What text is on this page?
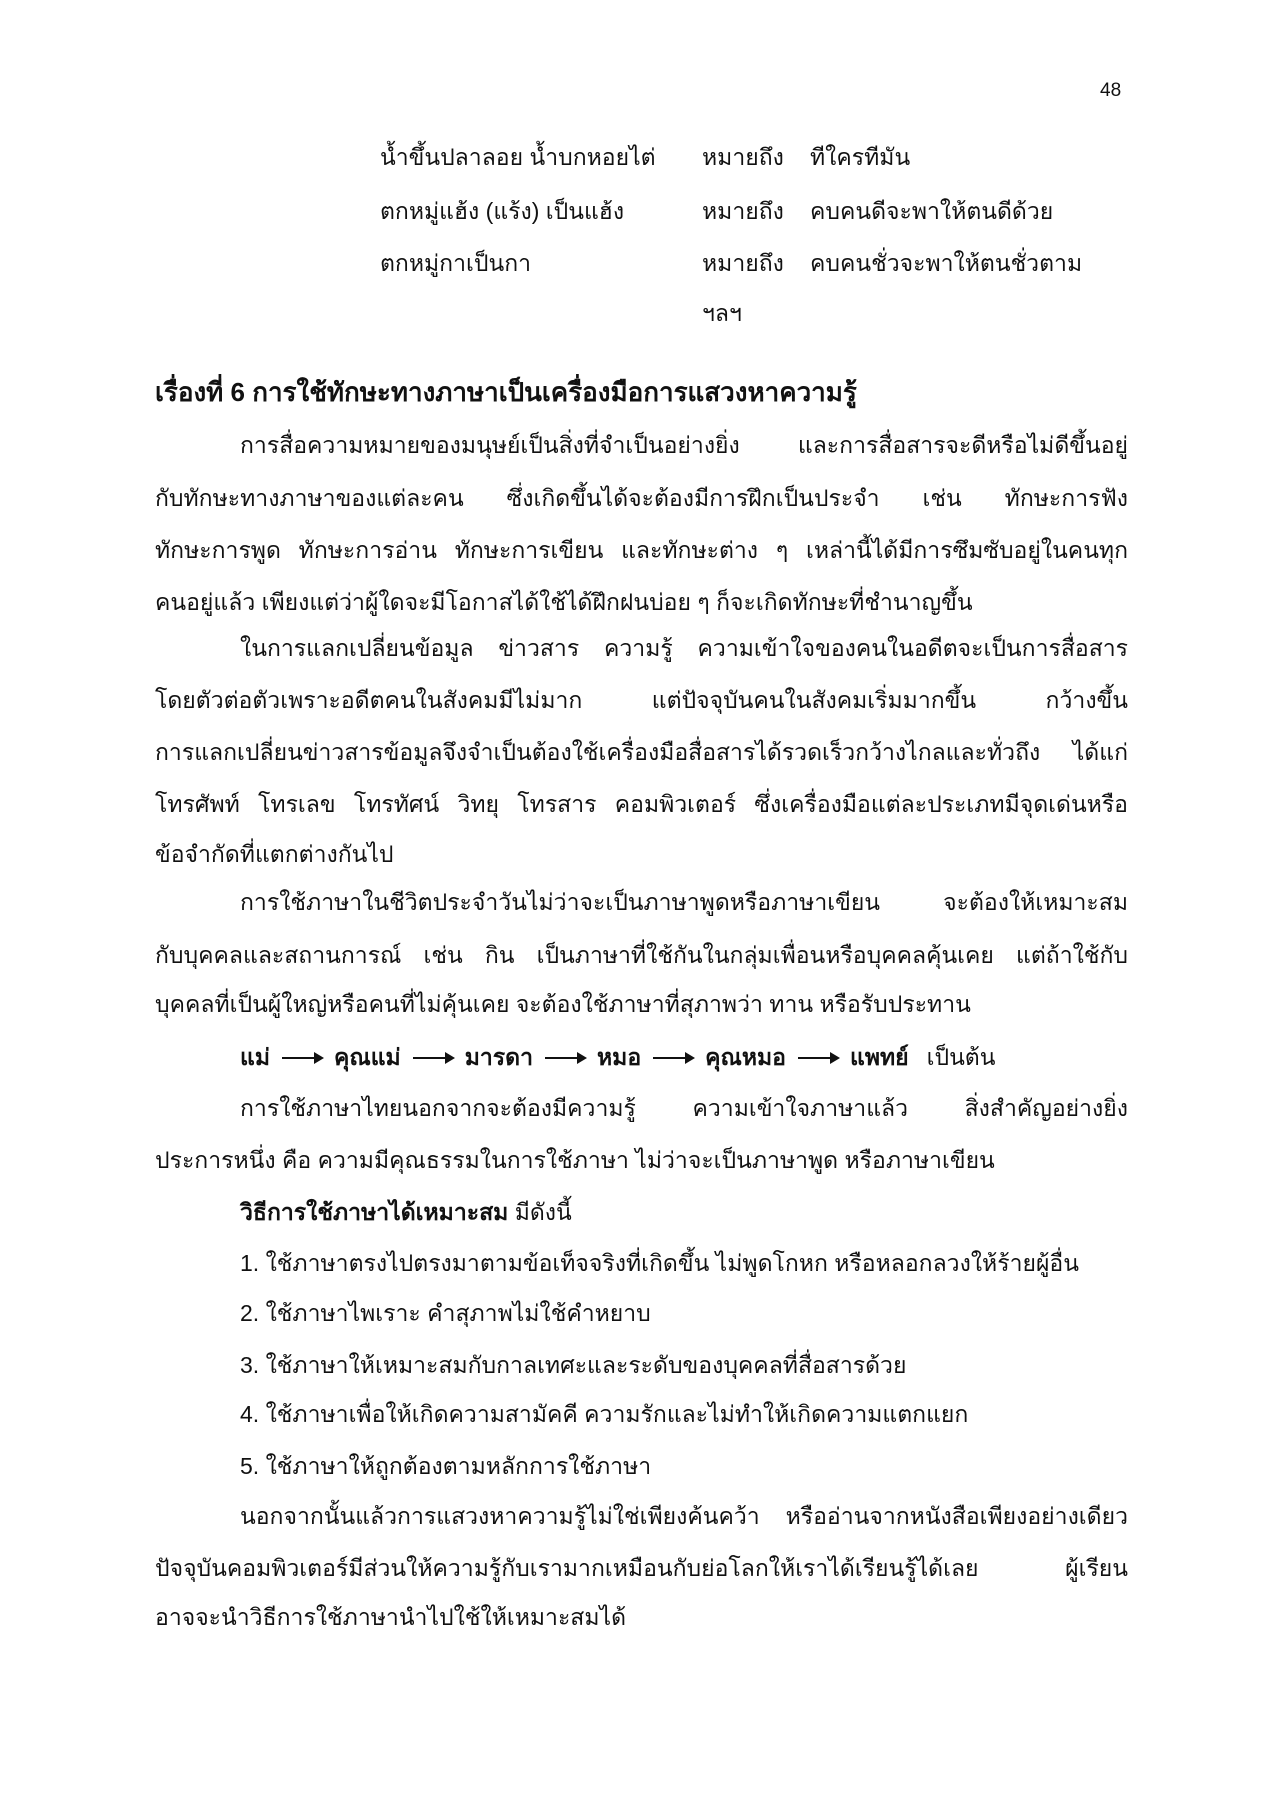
48
น้ำขึ้นปลาลอย น้ำบกหอยไต่ หมายถึง ทีใครทีมัน
ตกหมู่แฮ้ง (แร้ง) เป็นแฮ้ง	หมายถึง คบคนดีจะพาให้ตนดีด้วย
ตกหมู่กาเป็นกา	หมายถึง คบคนชั่วจะพาให้ตนชั่วตาม
ฯลฯ
เรื่องที่ 6 การใช้ทักษะทางภาษาเป็นเครื่องมือการแสวงหาความรู้
การสื่อความหมายของมนุษย์เป็นสิ่งที่จำเป็นอย่างยิ่ง และการสื่อสารจะดีหรือไม่ดีขึ้นอยู่
กับทักษะทางภาษาของแต่ละคน ซึ่งเกิดขึ้นได้จะต้องมีการฝึกเป็นประจำ เช่น ทักษะการฟัง
ทักษะการพูด ทักษะการอ่าน ทักษะการเขียน และทักษะต่าง ๆ เหล่านี้ได้มีการซึมซับอยู่ในคนทุก
คนอยู่แล้ว เพียงแต่ว่าผู้ใดจะมีโอกาสได้ใช้ได้ฝึกฝนบ่อย ๆ ก็จะเกิดทักษะที่ชำนาญขึ้น
ในการแลกเปลี่ยนข้อมูล ข่าวสาร ความรู้ ความเข้าใจของคนในอดีตจะเป็นการสื่อสาร
โดยตัวต่อตัวเพราะอดีตคนในสังคมมีไม่มาก แต่ปัจจุบันคนในสังคมเริ่มมากขึ้น กว้างขึ้น
การแลกเปลี่ยนข่าวสารข้อมูลจึงจำเป็นต้องใช้เครื่องมือสื่อสารได้รวดเร็วกว้างไกลและทั่วถึง ได้แก่
โทรศัพท์ โทรเลข โทรทัศน์ วิทยุ โทรสาร คอมพิวเตอร์ ซึ่งเครื่องมือแต่ละประเภทมีจุดเด่นหรือ
ข้อจำกัดที่แตกต่างกันไป
การใช้ภาษาในชีวิตประจำวันไม่ว่าจะเป็นภาษาพูดหรือภาษาเขียน จะต้องให้เหมาะสม
กับบุคคลและสถานการณ์ เช่น กิน เป็นภาษาที่ใช้กันในกลุ่มเพื่อนหรือบุคคลคุ้นเคย แต่ถ้าใช้กับ
บุคคลที่เป็นผู้ใหญ่หรือคนที่ไม่คุ้นเคย จะต้องใช้ภาษาที่สุภาพว่า ทาน หรือรับประทาน
แม่	คุณแม่	มารดา	หมอ	คุณหมอ	แพทย์ เป็นต้น
การใช้ภาษาไทยนอกจากจะต้องมีความรู้ ความเข้าใจภาษาแล้ว สิ่งสำคัญอย่างยิ่ง
ประการหนึ่ง คือ ความมีคุณธรรมในการใช้ภาษา ไม่ว่าจะเป็นภาษาพูด หรือภาษาเขียน
วิธีการใช้ภาษาได้เหมาะสม มีดังนี้
1. ใช้ภาษาตรงไปตรงมาตามข้อเท็จจริงที่เกิดขึ้น ไม่พูดโกหก หรือหลอกลวงให้ร้ายผู้อื่น
2. ใช้ภาษาไพเราะ คำสุภาพไม่ใช้คำหยาบ
3. ใช้ภาษาให้เหมาะสมกับกาลเทศะและระดับของบุคคลที่สื่อสารด้วย
4. ใช้ภาษาเพื่อให้เกิดความสามัคคี ความรักและไม่ทำให้เกิดความแตกแยก
5. ใช้ภาษาให้ถูกต้องตามหลักการใช้ภาษา
นอกจากนั้นแล้วการแสวงหาความรู้ไม่ใช่เพียงค้นคว้า หรืออ่านจากหนังสือเพียงอย่างเดียว
ปัจจุบันคอมพิวเตอร์มีส่วนให้ความรู้กับเรามากเหมือนกับย่อโลกให้เราได้เรียนรู้ได้เลย ผู้เรียน
อาจจะนำวิธีการใช้ภาษานำไปใช้ให้เหมาะสมได้
